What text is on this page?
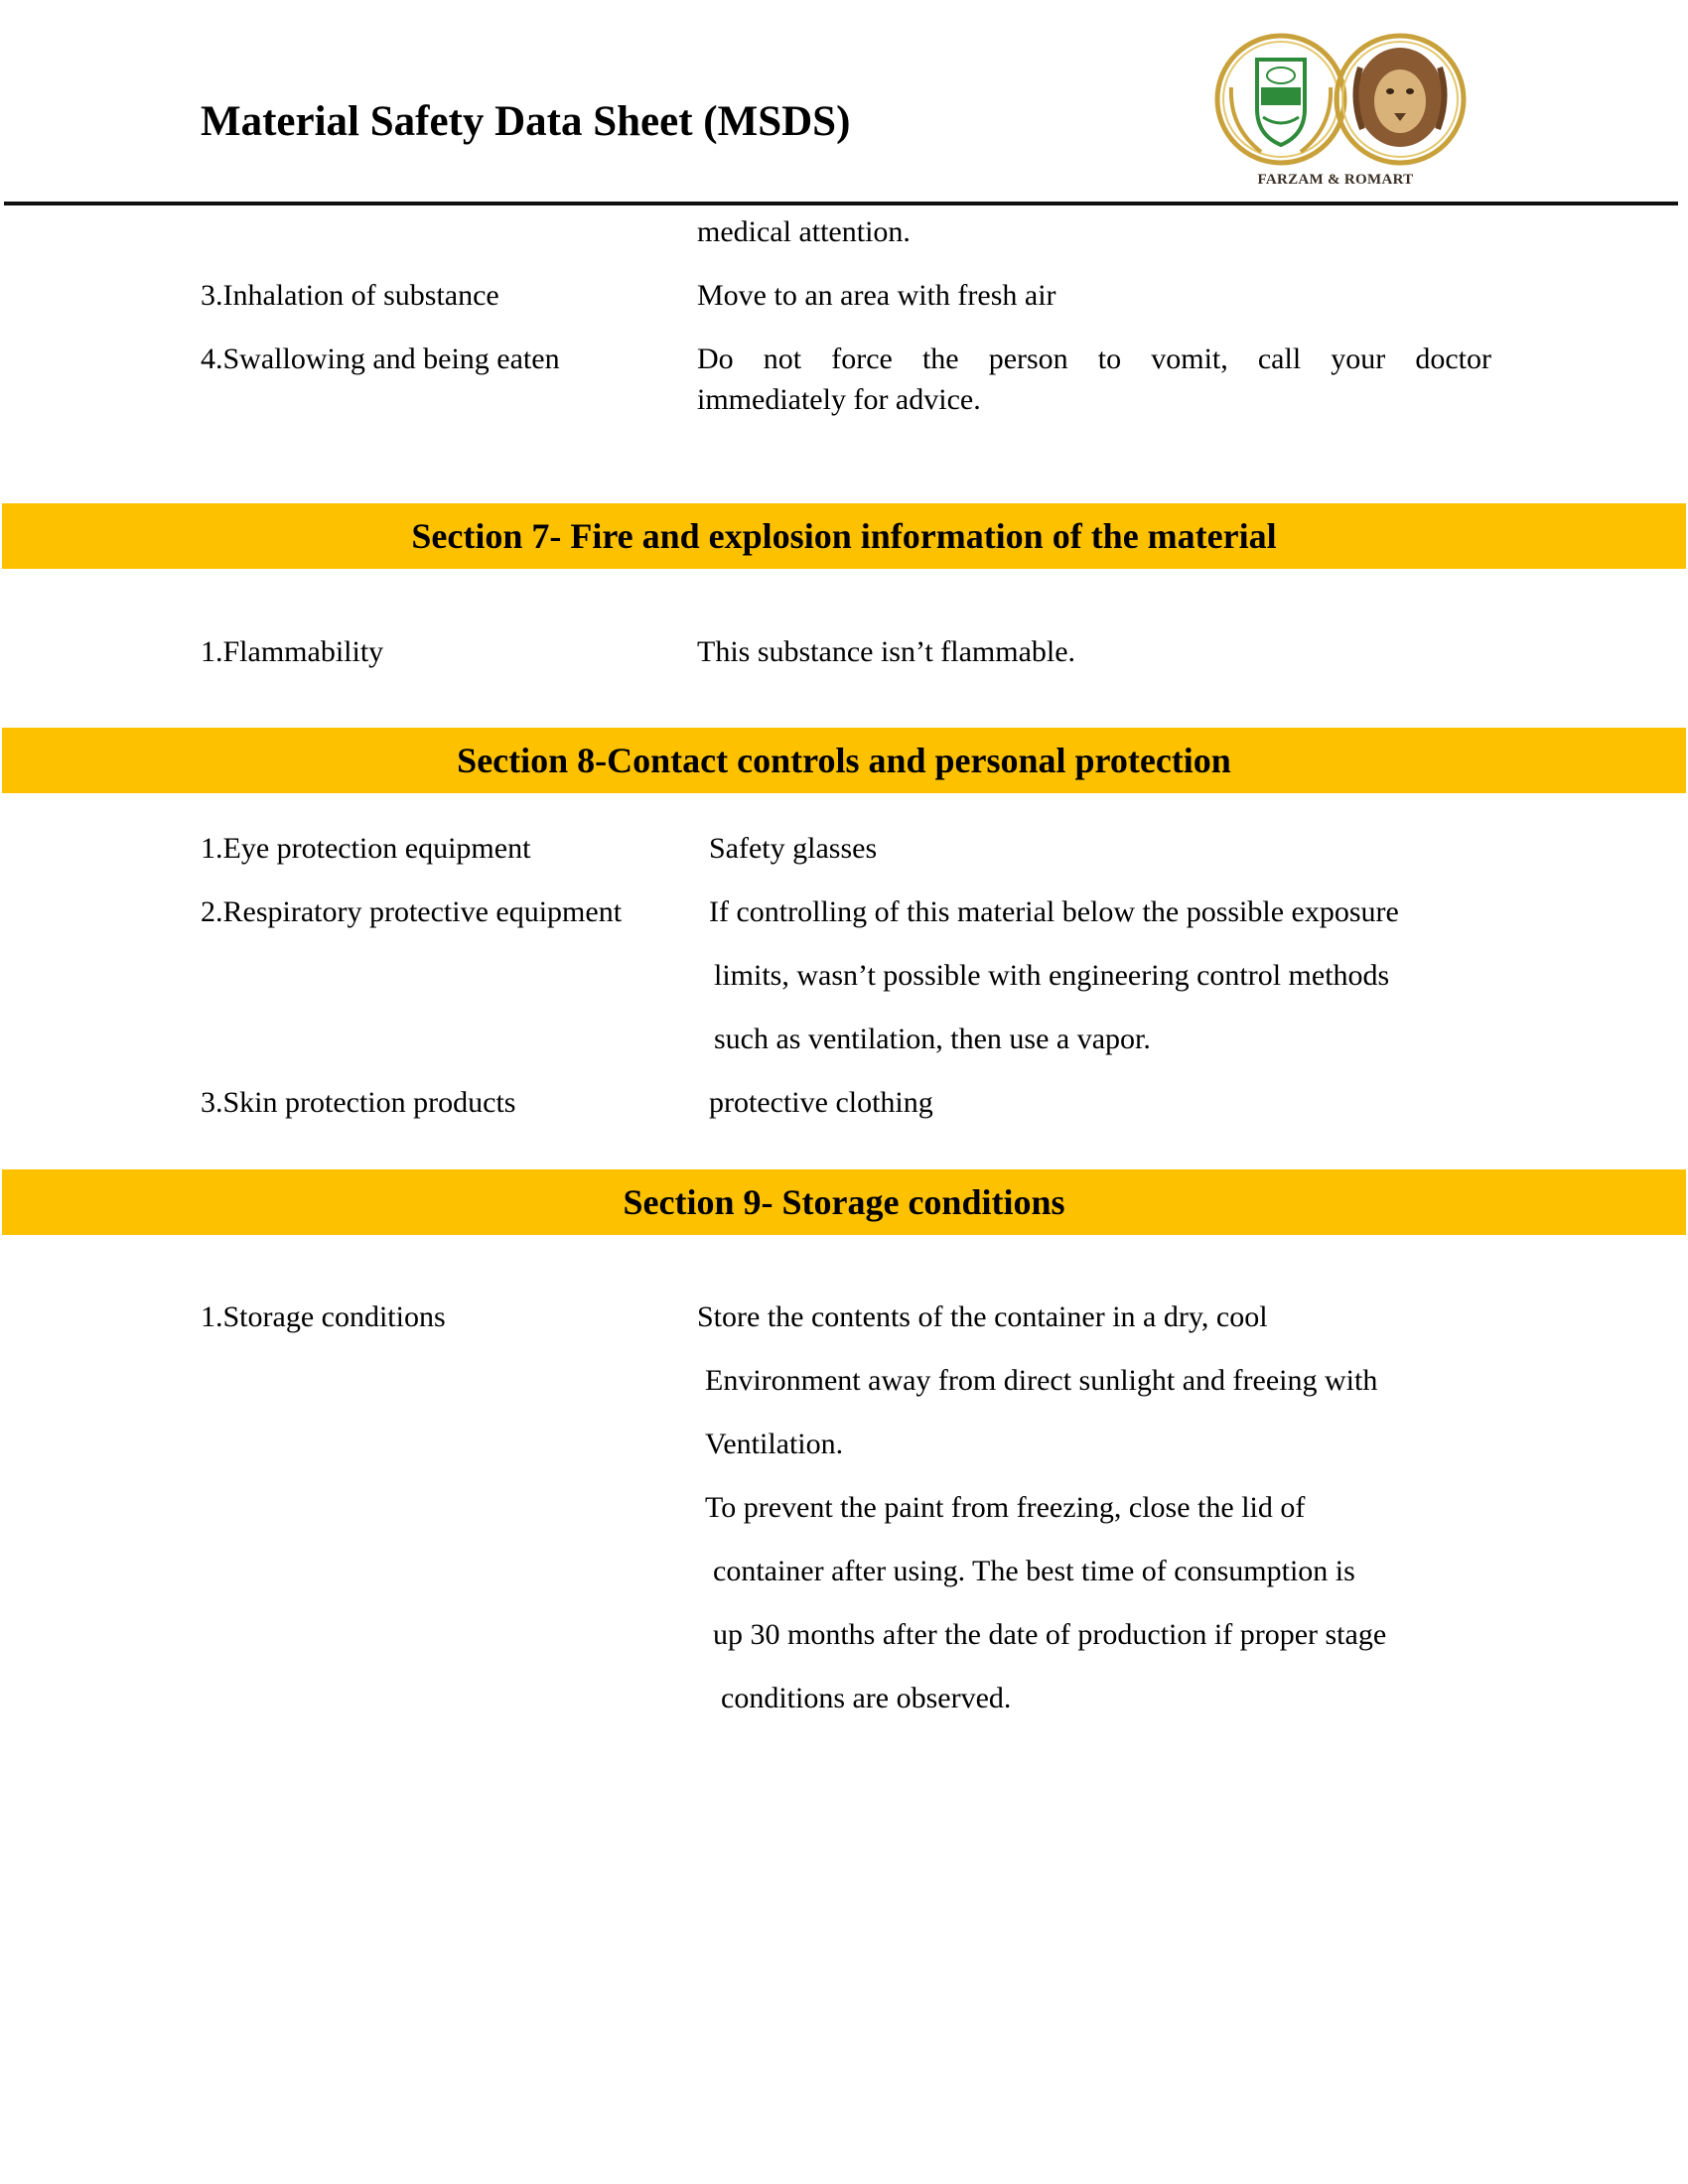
Material Safety Data Sheet (MSDS)
FARZAM & ROMART
medical attention.
3.Inhalation of substance	Move to an area with fresh air
4.Swallowing and being eaten	Do not force the person to vomit, call your doctor
immediately for advice.
Section 7- Fire and explosion information of the material
1.Flammability	This substance isn’t flammable.
Section 8-Contact controls and personal protection
1.Eye protection equipment	Safety glasses
2.Respiratory protective equipment	If controlling of this material below the possible exposure
limits, wasn’t possible with engineering control methods
such as ventilation, then use a vapor.
3.Skin protection products	protective clothing
Section 9- Storage conditions
1.Storage conditions	Store the contents of the container in a dry, cool
Environment away from direct sunlight and freeing with
Ventilation.
To prevent the paint from freezing, close the lid of
container after using. The best time of consumption is
up 30 months after the date of production if proper stage
conditions are observed.
